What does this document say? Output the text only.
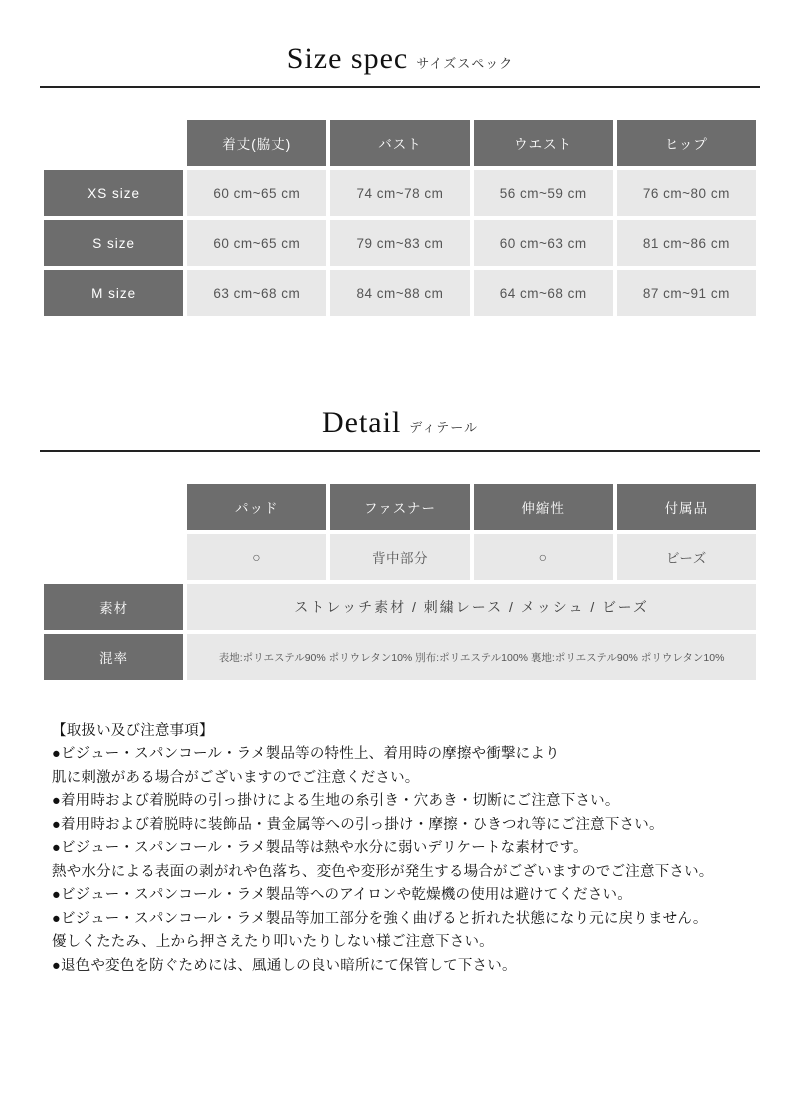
Size spec サイズスペック
	着丈(脇丈)	バスト	ウエスト	ヒップ
XS size	60 cm~65 cm	74 cm~78 cm	56 cm~59 cm	76 cm~80 cm
S size	60 cm~65 cm	79 cm~83 cm	60 cm~63 cm	81 cm~86 cm
M size	63 cm~68 cm	84 cm~88 cm	64 cm~68 cm	87 cm~91 cm
Detail ディテール
	パッド	ファスナー	伸縮性	付属品
	○	背中部分	○	ビーズ
素材	ストレッチ素材 / 刺繍レース / メッシュ / ビーズ			
混率	表地:ポリエステル90% ポリウレタン10% 別布:ポリエステル100% 裏地:ポリエステル90% ポリウレタン10%			
【取扱い及び注意事項】
●ビジュー・スパンコール・ラメ製品等の特性上、着用時の摩擦や衝撃により
肌に刺激がある場合がございますのでご注意ください。
●着用時および着脱時の引っ掛けによる生地の糸引き・穴あき・切断にご注意下さい。
●着用時および着脱時に装飾品・貴金属等への引っ掛け・摩擦・ひきつれ等にご注意下さい。
●ビジュー・スパンコール・ラメ製品等は熱や水分に弱いデリケートな素材です。
熱や水分による表面の剥がれや色落ち、変色や変形が発生する場合がございますのでご注意下さい。
●ビジュー・スパンコール・ラメ製品等へのアイロンや乾燥機の使用は避けてください。
●ビジュー・スパンコール・ラメ製品等加工部分を強く曲げると折れた状態になり元に戻りません。
優しくたたみ、上から押さえたり叩いたりしない様ご注意下さい。
●退色や変色を防ぐためには、風通しの良い暗所にて保管して下さい。
